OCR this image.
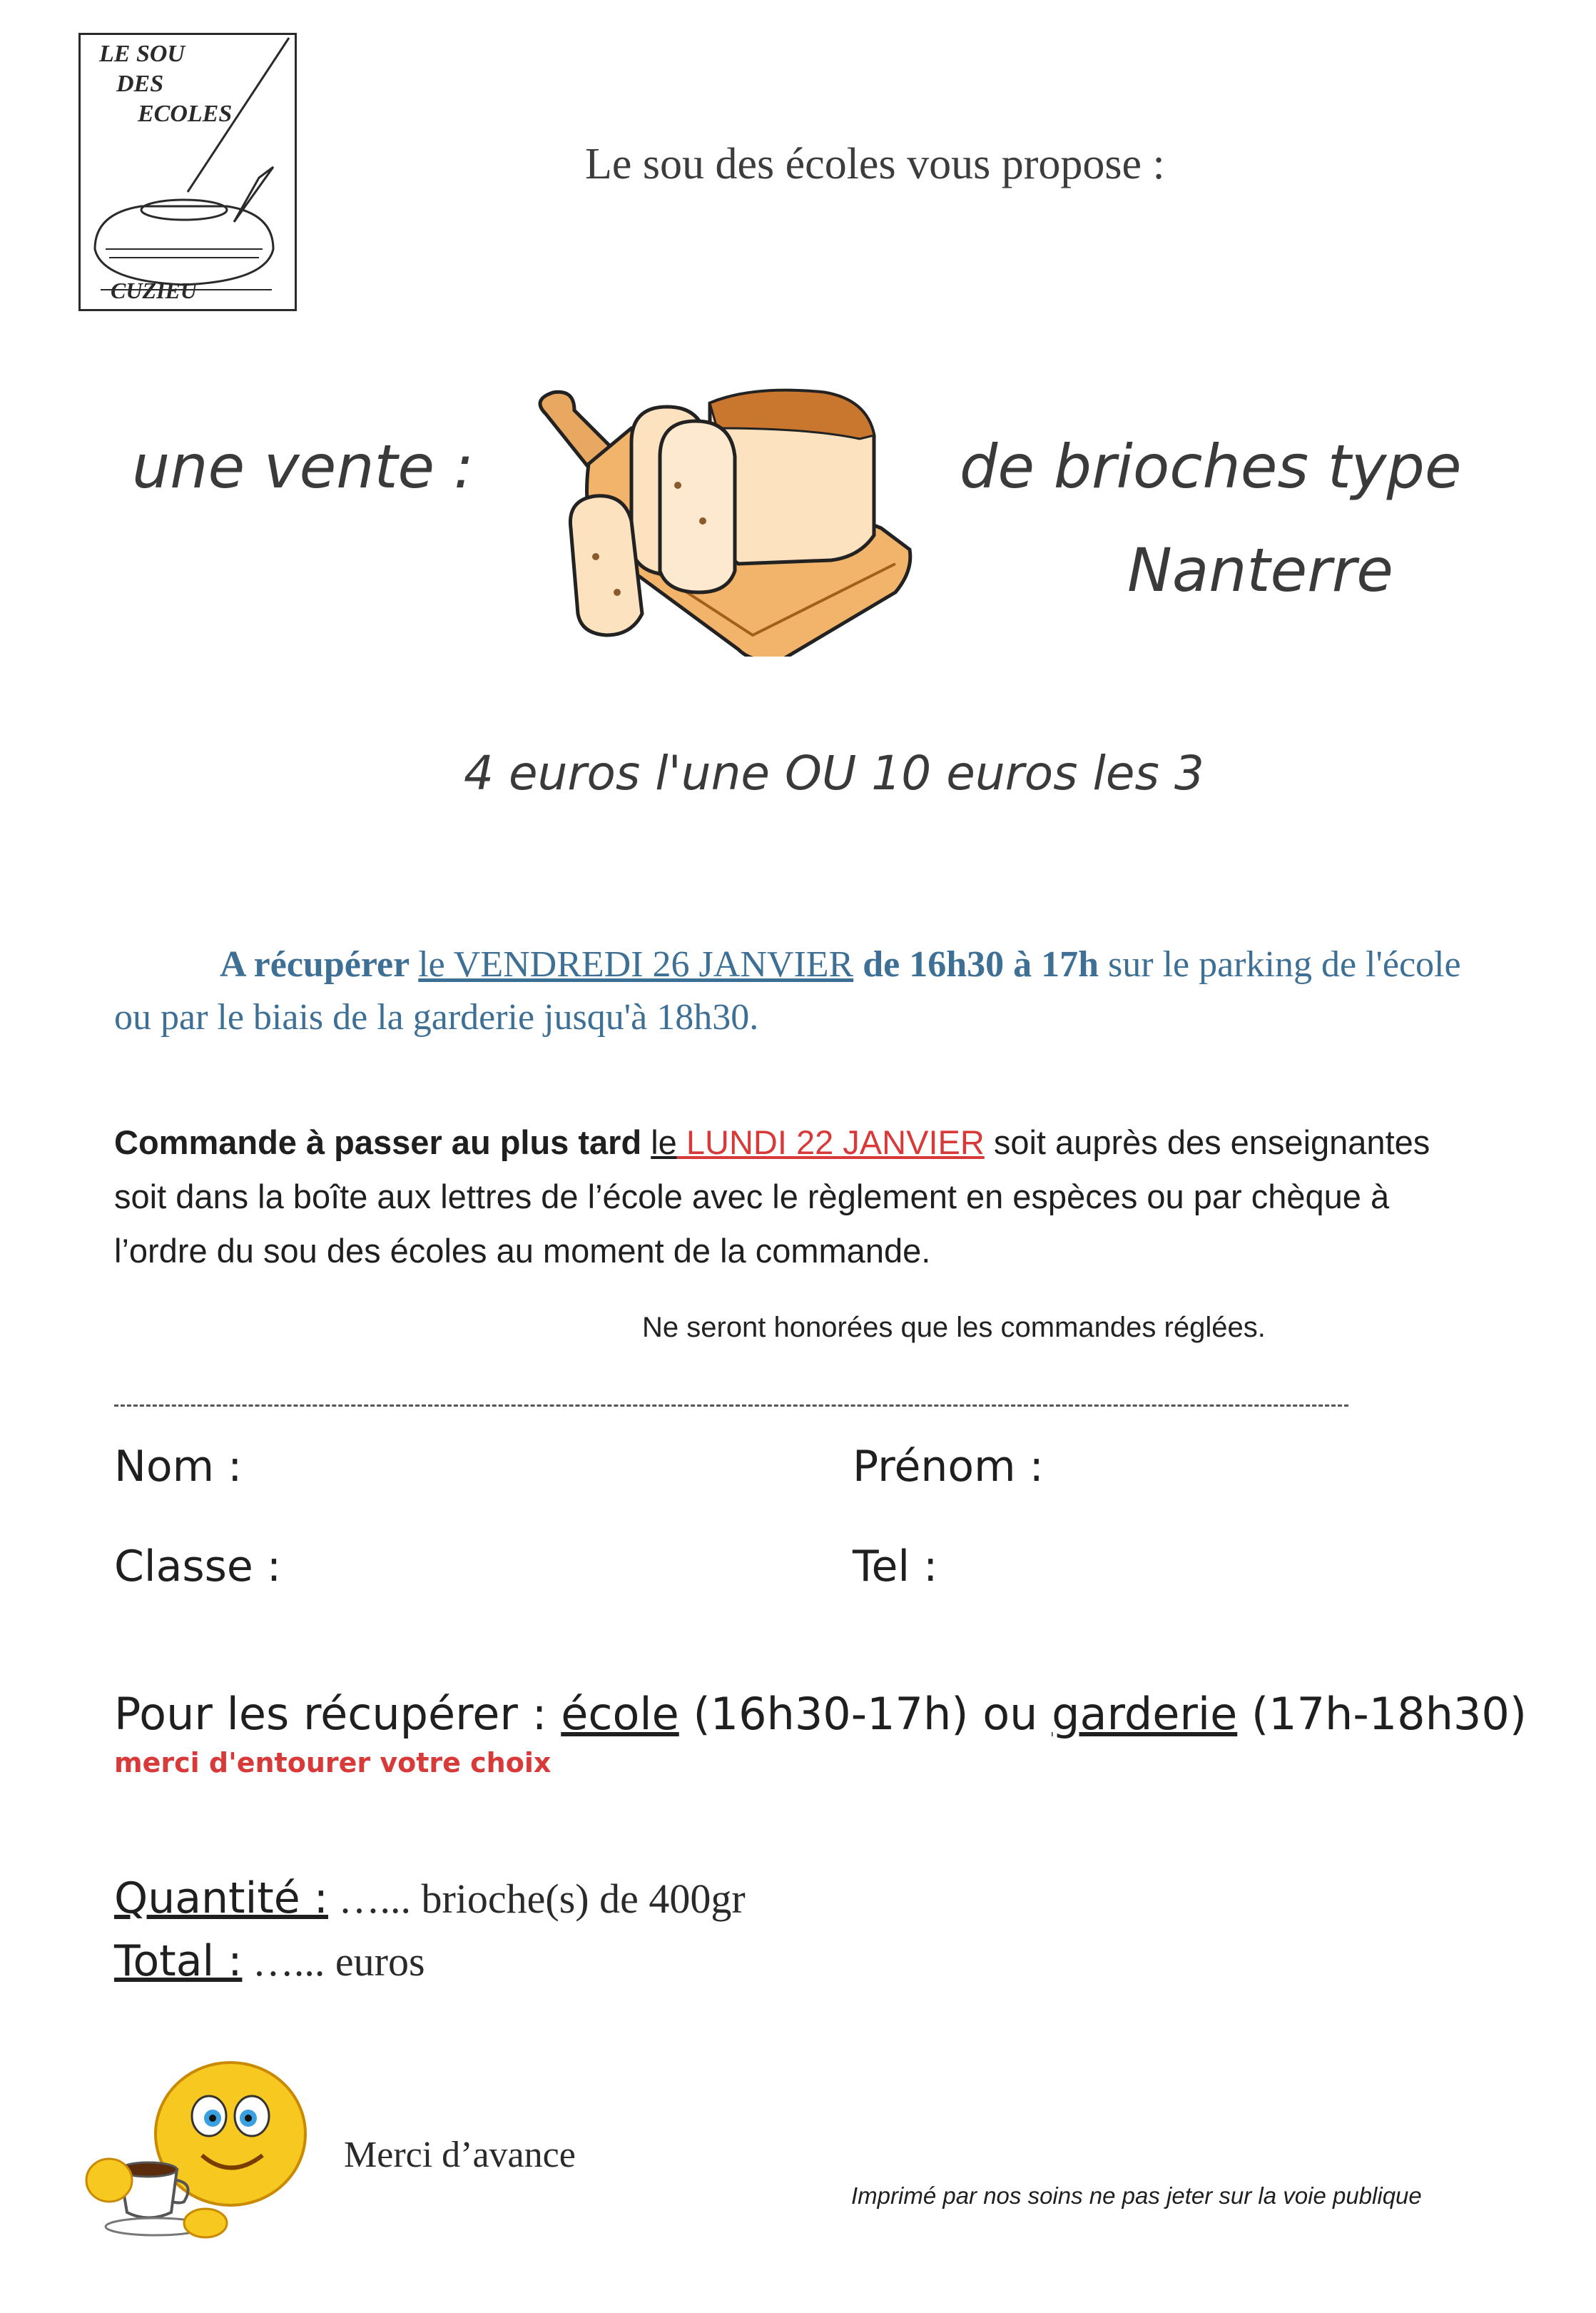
LE SOU
DES
ECOLES
CUZIEU
Le sou des écoles vous propose :
une vente :	de brioches type
Nanterre
4 euros l'une OU 10 euros les 3
A récupérer le VENDREDI 26 JANVIER de 16h30 à 17h sur le parking de l'école ou par le biais de la garderie jusqu'à 18h30.
Commande à passer au plus tard le LUNDI 22 JANVIER soit auprès des enseignantes soit dans la boîte aux lettres de l’école avec le règlement en espèces ou par chèque à l’ordre du sou des écoles au moment de la commande.
Ne seront honorées que les commandes réglées.
Nom :	Prénom :
Classe :	Tel :
Pour les récupérer : école (16h30-17h) ou garderie (17h-18h30)
merci d'entourer votre choix
Quantité : …... brioche(s) de 400gr
Total : …... euros
Merci d’avance
Imprimé par nos soins ne pas jeter sur la voie publique
